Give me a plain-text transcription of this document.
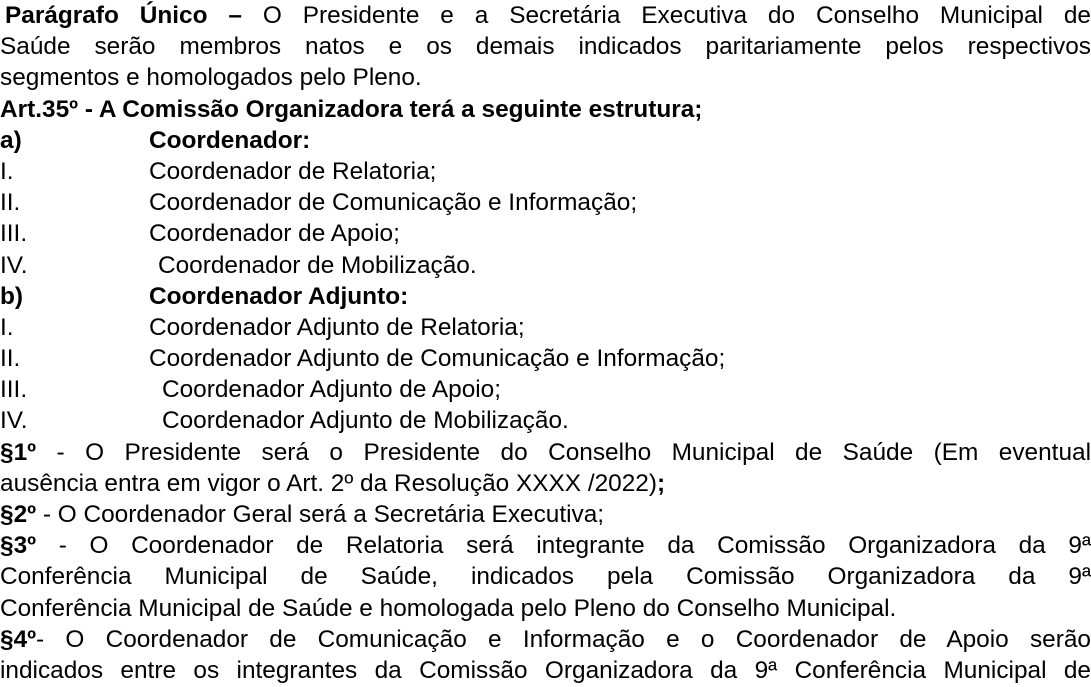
Parágrafo Único – O Presidente e a Secretária Executiva do Conselho Municipal de
Saúde serão membros natos e os demais indicados paritariamente pelos respectivos
segmentos e homologados pelo Pleno.
Art.35º - A Comissão Organizadora terá a seguinte estrutura;

a)

	Coordenador:

I.

	Coordenador de Relatoria;

II.

	Coordenador de Comunicação e Informação;

III.

	Coordenador de Apoio;

IV.

	Coordenador de Mobilização.

b)

	Coordenador Adjunto:

I.

	Coordenador Adjunto de Relatoria;

II.

	Coordenador Adjunto de Comunicação e Informação;

III.

	Coordenador Adjunto de Apoio;

IV.

	Coordenador Adjunto de Mobilização.

§1º - O Presidente será o Presidente do Conselho Municipal de Saúde (Em eventual
ausência entra em vigor o Art. 2º da Resolução XXXX /2022);
§2º - O Coordenador Geral será a Secretária Executiva;
§3º - O Coordenador de Relatoria será integrante da Comissão Organizadora da 9ª
Conferência Municipal de Saúde, indicados pela Comissão Organizadora da 9ª
Conferência Municipal de Saúde e homologada pelo Pleno do Conselho Municipal.
§4º- O Coordenador de Comunicação e Informação e o Coordenador de Apoio serão
indicados entre os integrantes da Comissão Organizadora da 9ª Conferência Municipal de
